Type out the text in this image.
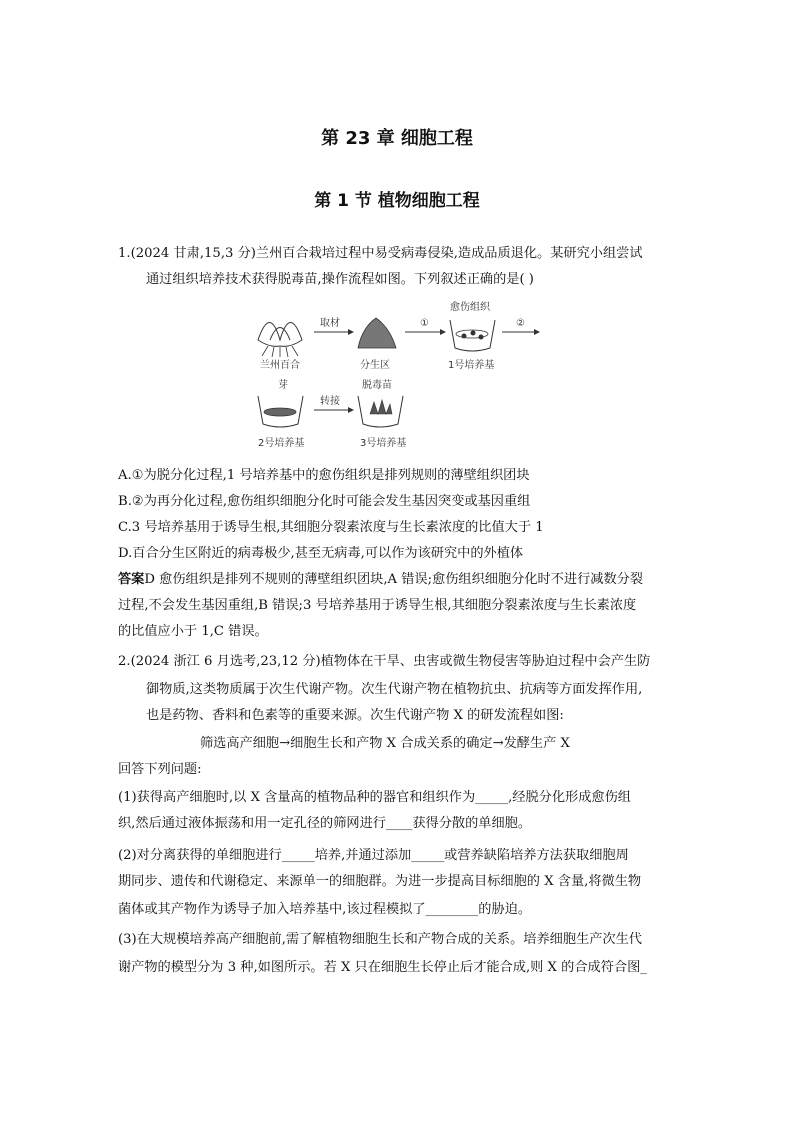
第 23 章 细胞工程
第 1 节 植物细胞工程
1.(2024 甘肃,15,3 分)兰州百合栽培过程中易受病毒侵染,造成品质退化。某研究小组尝试
通过组织培养技术获得脱毒苗,操作流程如图。下列叙述正确的是( )
兰州百合
取材
分生区
①
愈伤组织
1号培养基
②
芽
2号培养基
转接
脱毒苗
3号培养基
A.①为脱分化过程,1 号培养基中的愈伤组织是排列规则的薄壁组织团块
B.②为再分化过程,愈伤组织细胞分化时可能会发生基因突变或基因重组
C.3 号培养基用于诱导生根,其细胞分裂素浓度与生长素浓度的比值大于 1
D.百合分生区附近的病毒极少,甚至无病毒,可以作为该研究中的外植体
答案D 愈伤组织是排列不规则的薄壁组织团块,A 错误;愈伤组织细胞分化时不进行减数分裂
过程,不会发生基因重组,B 错误;3 号培养基用于诱导生根,其细胞分裂素浓度与生长素浓度
的比值应小于 1,C 错误。
2.(2024 浙江 6 月选考,23,12 分)植物体在干旱、虫害或微生物侵害等胁迫过程中会产生防
御物质,这类物质属于次生代谢产物。次生代谢产物在植物抗虫、抗病等方面发挥作用,
也是药物、香料和色素等的重要来源。次生代谢产物 X 的研发流程如图:
筛选高产细胞→细胞生长和产物 X 合成关系的确定→发酵生产 X
回答下列问题:
(1)获得高产细胞时,以 X 含量高的植物品种的器官和组织作为_____,经脱分化形成愈伤组
织,然后通过液体振荡和用一定孔径的筛网进行____获得分散的单细胞。
(2)对分离获得的单细胞进行_____培养,并通过添加_____或营养缺陷培养方法获取细胞周
期同步、遗传和代谢稳定、来源单一的细胞群。为进一步提高目标细胞的 X 含量,将微生物
菌体或其产物作为诱导子加入培养基中,该过程模拟了________的胁迫。
(3)在大规模培养高产细胞前,需了解植物细胞生长和产物合成的关系。培养细胞生产次生代
谢产物的模型分为 3 种,如图所示。若 X 只在细胞生长停止后才能合成,则 X 的合成符合图_
